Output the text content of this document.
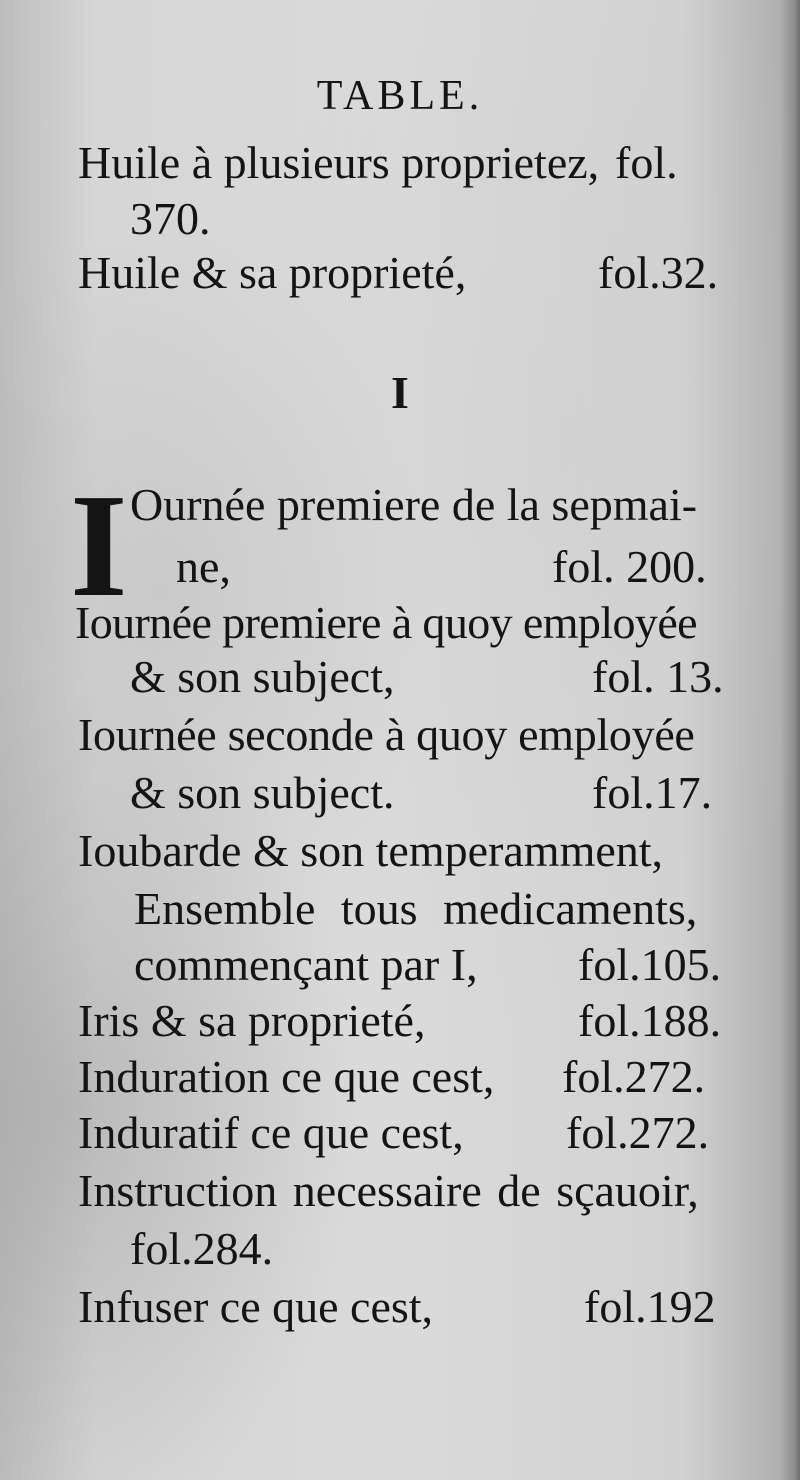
TABLE.
Huile à plusieurs proprietez, fol.
370.
Huile & sa proprieté,	fol.32.
I
I Ournée premiere de la sepmai-
ne,	fol. 200.
Iournée premiere à quoy employée
& son subject,	fol. 13.
Iournée seconde à quoy employée
& son subject.	fol.17.
Ioubarde & son temperamment,
Ensemble tous medicaments,
commençant par I, fol.105.
Iris & sa proprieté,	fol.188.
Induration ce que cest, fol.272.
Induratif ce que cest, fol.272.
Instruction necessaire de sçauoir,
fol.284.
Infuser ce que cest,	fol.192
